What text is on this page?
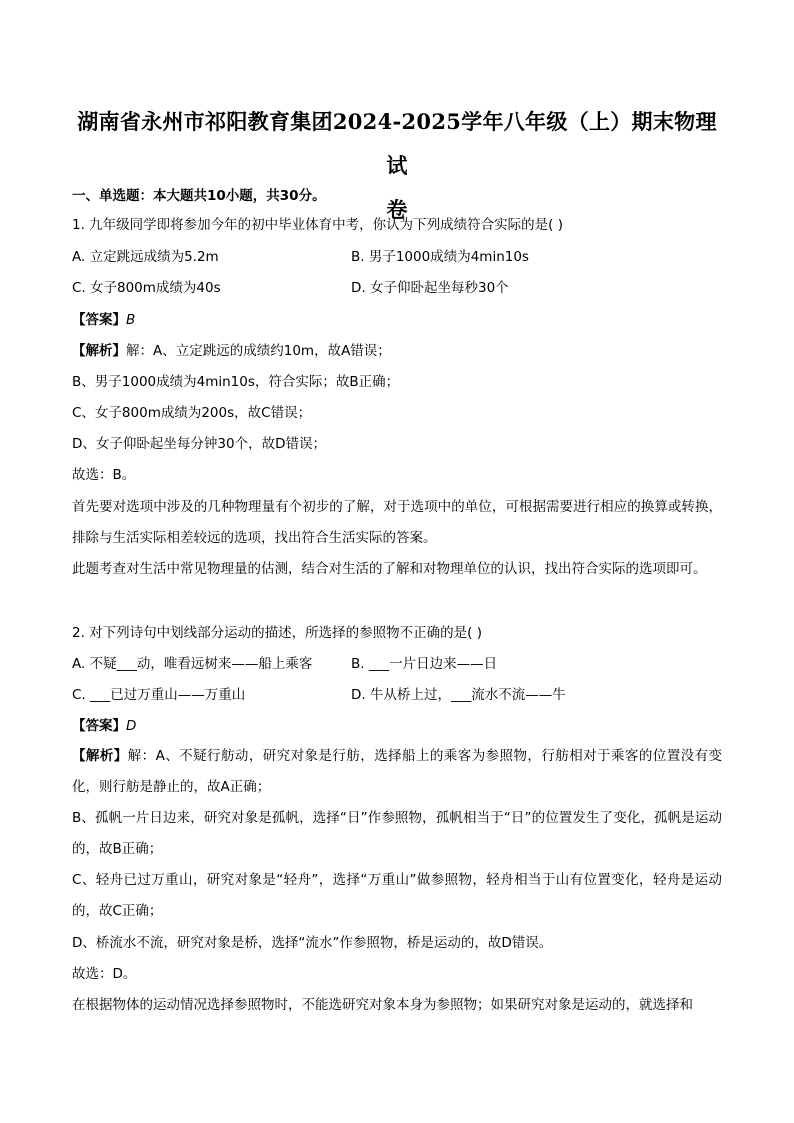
湖南省永州市祁阳教育集团2024-2025学年八年级（上）期末物理试
卷
一、单选题：本大题共10小题，共30分。
1. 九年级同学即将参加今年的初中毕业体育中考，你认为下列成绩符合实际的是( )
A. 立定跳远成绩为5.2m	B. 男子1000成绩为4min10s
C. 女子800m成绩为40s	D. 女子仰卧起坐每秒30个
【答案】B
【解析】解：A、立定跳远的成绩约10m，故A错误；
B、男子1000成绩为4min10s，符合实际；故B正确；
C、女子800m成绩为200s，故C错误；
D、女子仰卧起坐每分钟30个，故D错误；
故选：B。
首先要对选项中涉及的几种物理量有个初步的了解，对于选项中的单位，可根据需要进行相应的换算或转换，排除与生活实际相差较远的选项，找出符合生活实际的答案。
此题考查对生活中常见物理量的估测，结合对生活的了解和对物理单位的认识，找出符合实际的选项即可。
2. 对下列诗句中划线部分运动的描述，所选择的参照物不正确的是( )
A. 不疑___动，唯看远树来——船上乘客	B. ___一片日边来——日
C. ___已过万重山——万重山	D. 牛从桥上过，___流水不流——牛
【答案】D
【解析】解：A、不疑行舫动，研究对象是行舫，选择船上的乘客为参照物，行舫相对于乘客的位置没有变化，则行舫是静止的，故A正确；
B、孤帆一片日边来，研究对象是孤帆，选择“日”作参照物，孤帆相当于“日”的位置发生了变化，孤帆是运动的，故B正确；
C、轻舟已过万重山，研究对象是“轻舟”，选择“万重山”做参照物，轻舟相当于山有位置变化，轻舟是运动的，故C正确；
D、桥流水不流，研究对象是桥，选择“流水”作参照物，桥是运动的，故D错误。
故选：D。
在根据物体的运动情况选择参照物时，不能选研究对象本身为参照物；如果研究对象是运动的，就选择和
